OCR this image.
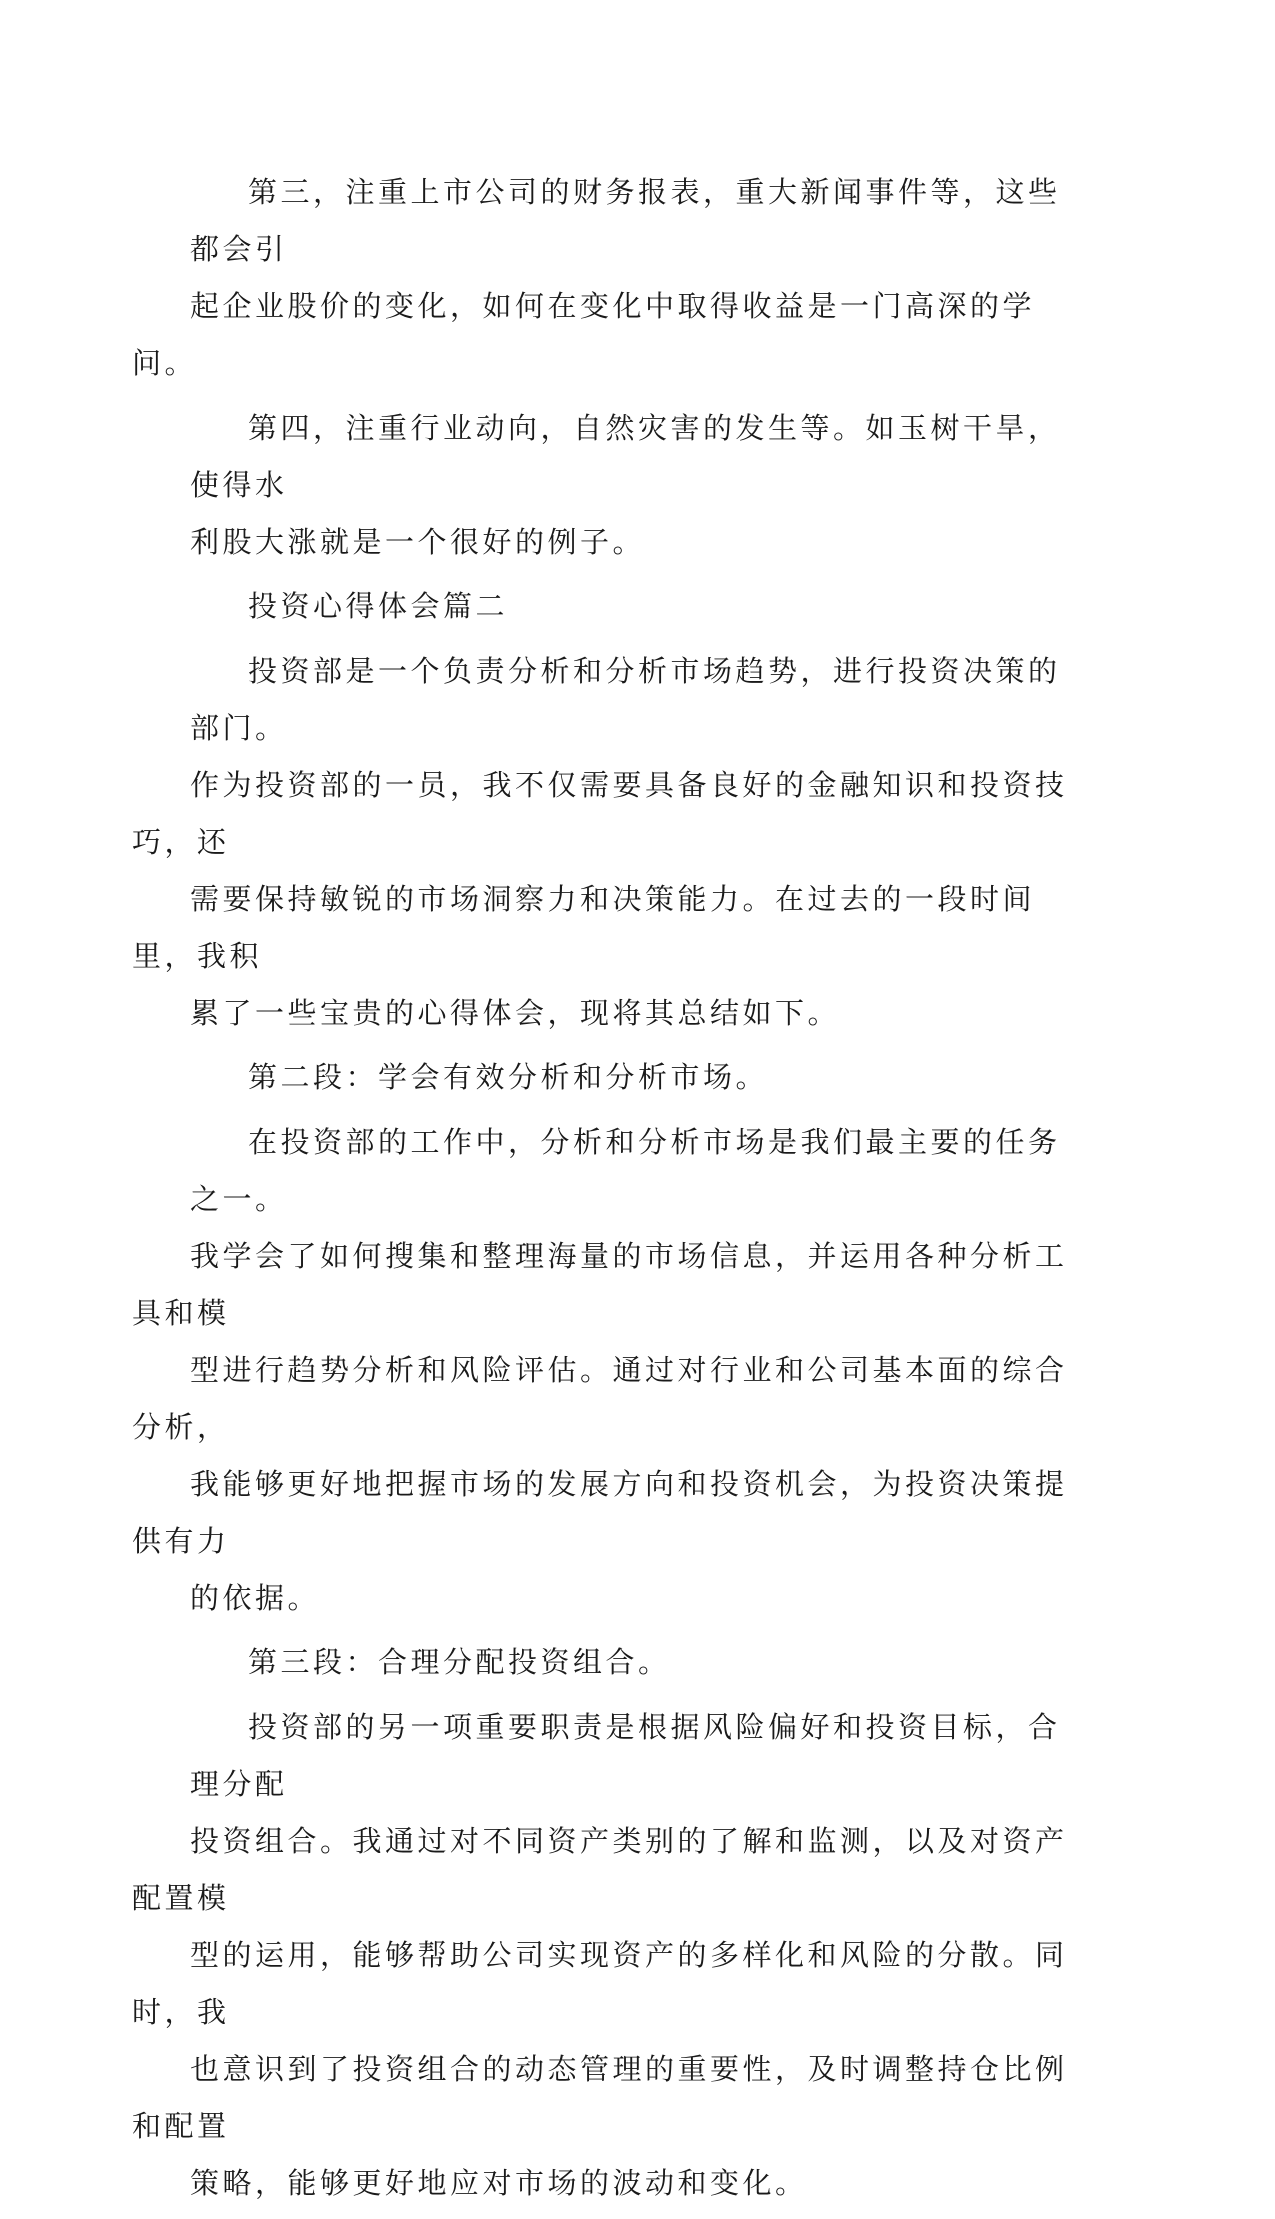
第三，注重上市公司的财务报表，重大新闻事件等，这些都会引
起企业股价的变化，如何在变化中取得收益是一门高深的学问。

第四，注重行业动向，自然灾害的发生等。如玉树干旱，使得水
利股大涨就是一个很好的例子。

投资心得体会篇二

投资部是一个负责分析和分析市场趋势，进行投资决策的部门。
作为投资部的一员，我不仅需要具备良好的金融知识和投资技巧，还
需要保持敏锐的市场洞察力和决策能力。在过去的一段时间里，我积
累了一些宝贵的心得体会，现将其总结如下。

第二段：学会有效分析和分析市场。

在投资部的工作中，分析和分析市场是我们最主要的任务之一。
我学会了如何搜集和整理海量的市场信息，并运用各种分析工具和模
型进行趋势分析和风险评估。通过对行业和公司基本面的综合分析，
我能够更好地把握市场的发展方向和投资机会，为投资决策提供有力
的依据。

第三段：合理分配投资组合。

投资部的另一项重要职责是根据风险偏好和投资目标，合理分配
投资组合。我通过对不同资产类别的了解和监测，以及对资产配置模
型的运用，能够帮助公司实现资产的多样化和风险的分散。同时，我
也意识到了投资组合的动态管理的重要性，及时调整持仓比例和配置
策略，能够更好地应对市场的波动和变化。
